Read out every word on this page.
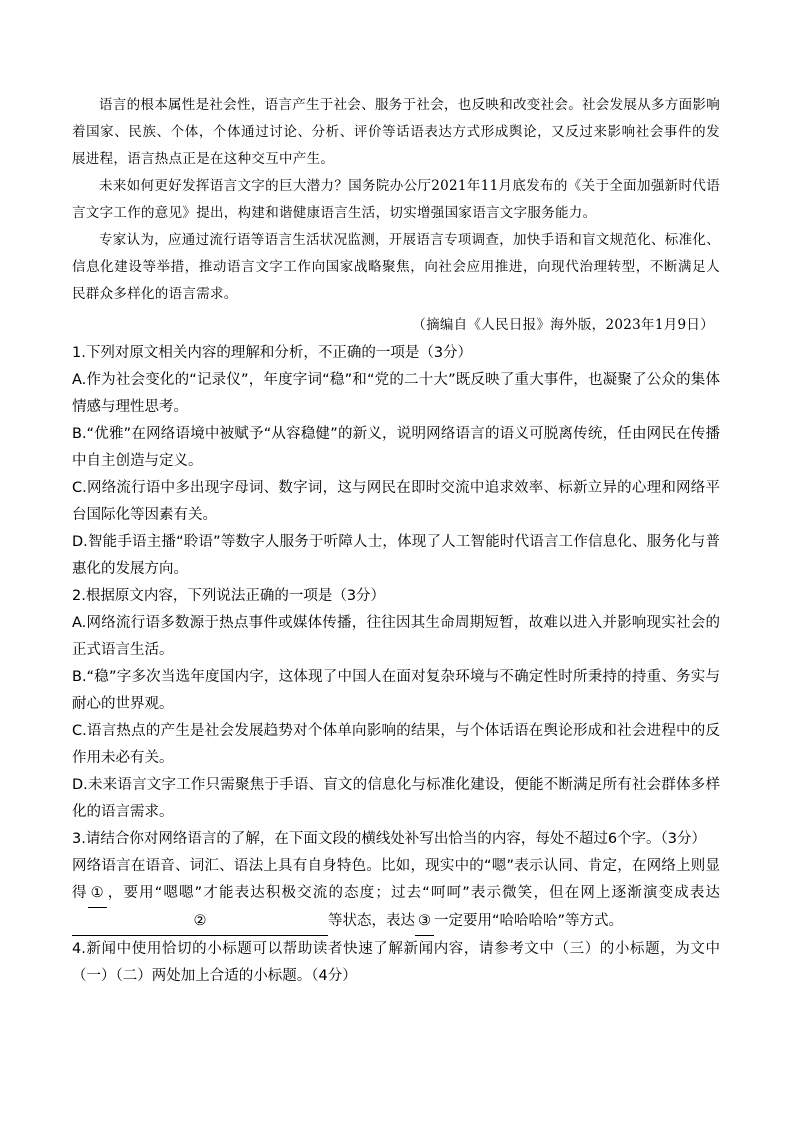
语言的根本属性是社会性，语言产生于社会、服务于社会，也反映和改变社会。社会发展从多方面影响着国家、民族、个体，个体通过讨论、分析、评价等话语表达方式形成舆论，又反过来影响社会事件的发展进程，语言热点正是在这种交互中产生。

未来如何更好发挥语言文字的巨大潜力？国务院办公厅2021年11月底发布的《关于全面加强新时代语言文字工作的意见》提出，构建和谐健康语言生活，切实增强国家语言文字服务能力。

专家认为，应通过流行语等语言生活状况监测，开展语言专项调查，加快手语和盲文规范化、标准化、信息化建设等举措，推动语言文字工作向国家战略聚焦，向社会应用推进，向现代治理转型，不断满足人民群众多样化的语言需求。

（摘编自《人民日报》海外版，2023年1月9日）

1.下列对原文相关内容的理解和分析，不正确的一项是（3分）

A.作为社会变化的“记录仪”，年度字词“稳”和“党的二十大”既反映了重大事件，也凝聚了公众的集体情感与理性思考。

B.“优雅”在网络语境中被赋予“从容稳健”的新义，说明网络语言的语义可脱离传统，任由网民在传播中自主创造与定义。

C.网络流行语中多出现字母词、数字词，这与网民在即时交流中追求效率、标新立异的心理和网络平台国际化等因素有关。

D.智能手语主播“聆语”等数字人服务于听障人士，体现了人工智能时代语言工作信息化、服务化与普惠化的发展方向。

2.根据原文内容，下列说法正确的一项是（3分）

A.网络流行语多数源于热点事件或媒体传播，往往因其生命周期短暂，故难以进入并影响现实社会的正式语言生活。

B.“稳”字多次当选年度国内字，这体现了中国人在面对复杂环境与不确定性时所秉持的持重、务实与耐心的世界观。

C.语言热点的产生是社会发展趋势对个体单向影响的结果，与个体话语在舆论形成和社会进程中的反作用未必有关。

D.未来语言文字工作只需聚焦于手语、盲文的信息化与标准化建设，便能不断满足所有社会群体多样化的语言需求。

3.请结合你对网络语言的了解，在下面文段的横线处补写出恰当的内容，每处不超过6个字。（3分）

网络语言在语音、词汇、语法上具有自身特色。比如，现实中的“嗯”表示认同、肯定，在网络上则显得 ① ，要用“嗯嗯”才能表达积极交流的态度；过去“呵呵”表示微笑，但在网上逐渐演变成表达②	等状态，表达 ③ 一定要用“哈哈哈哈”等方式。

4.新闻中使用恰切的小标题可以帮助读者快速了解新闻内容，请参考文中（三）的小标题，为文中（一）（二）两处加上合适的小标题。（4分）
